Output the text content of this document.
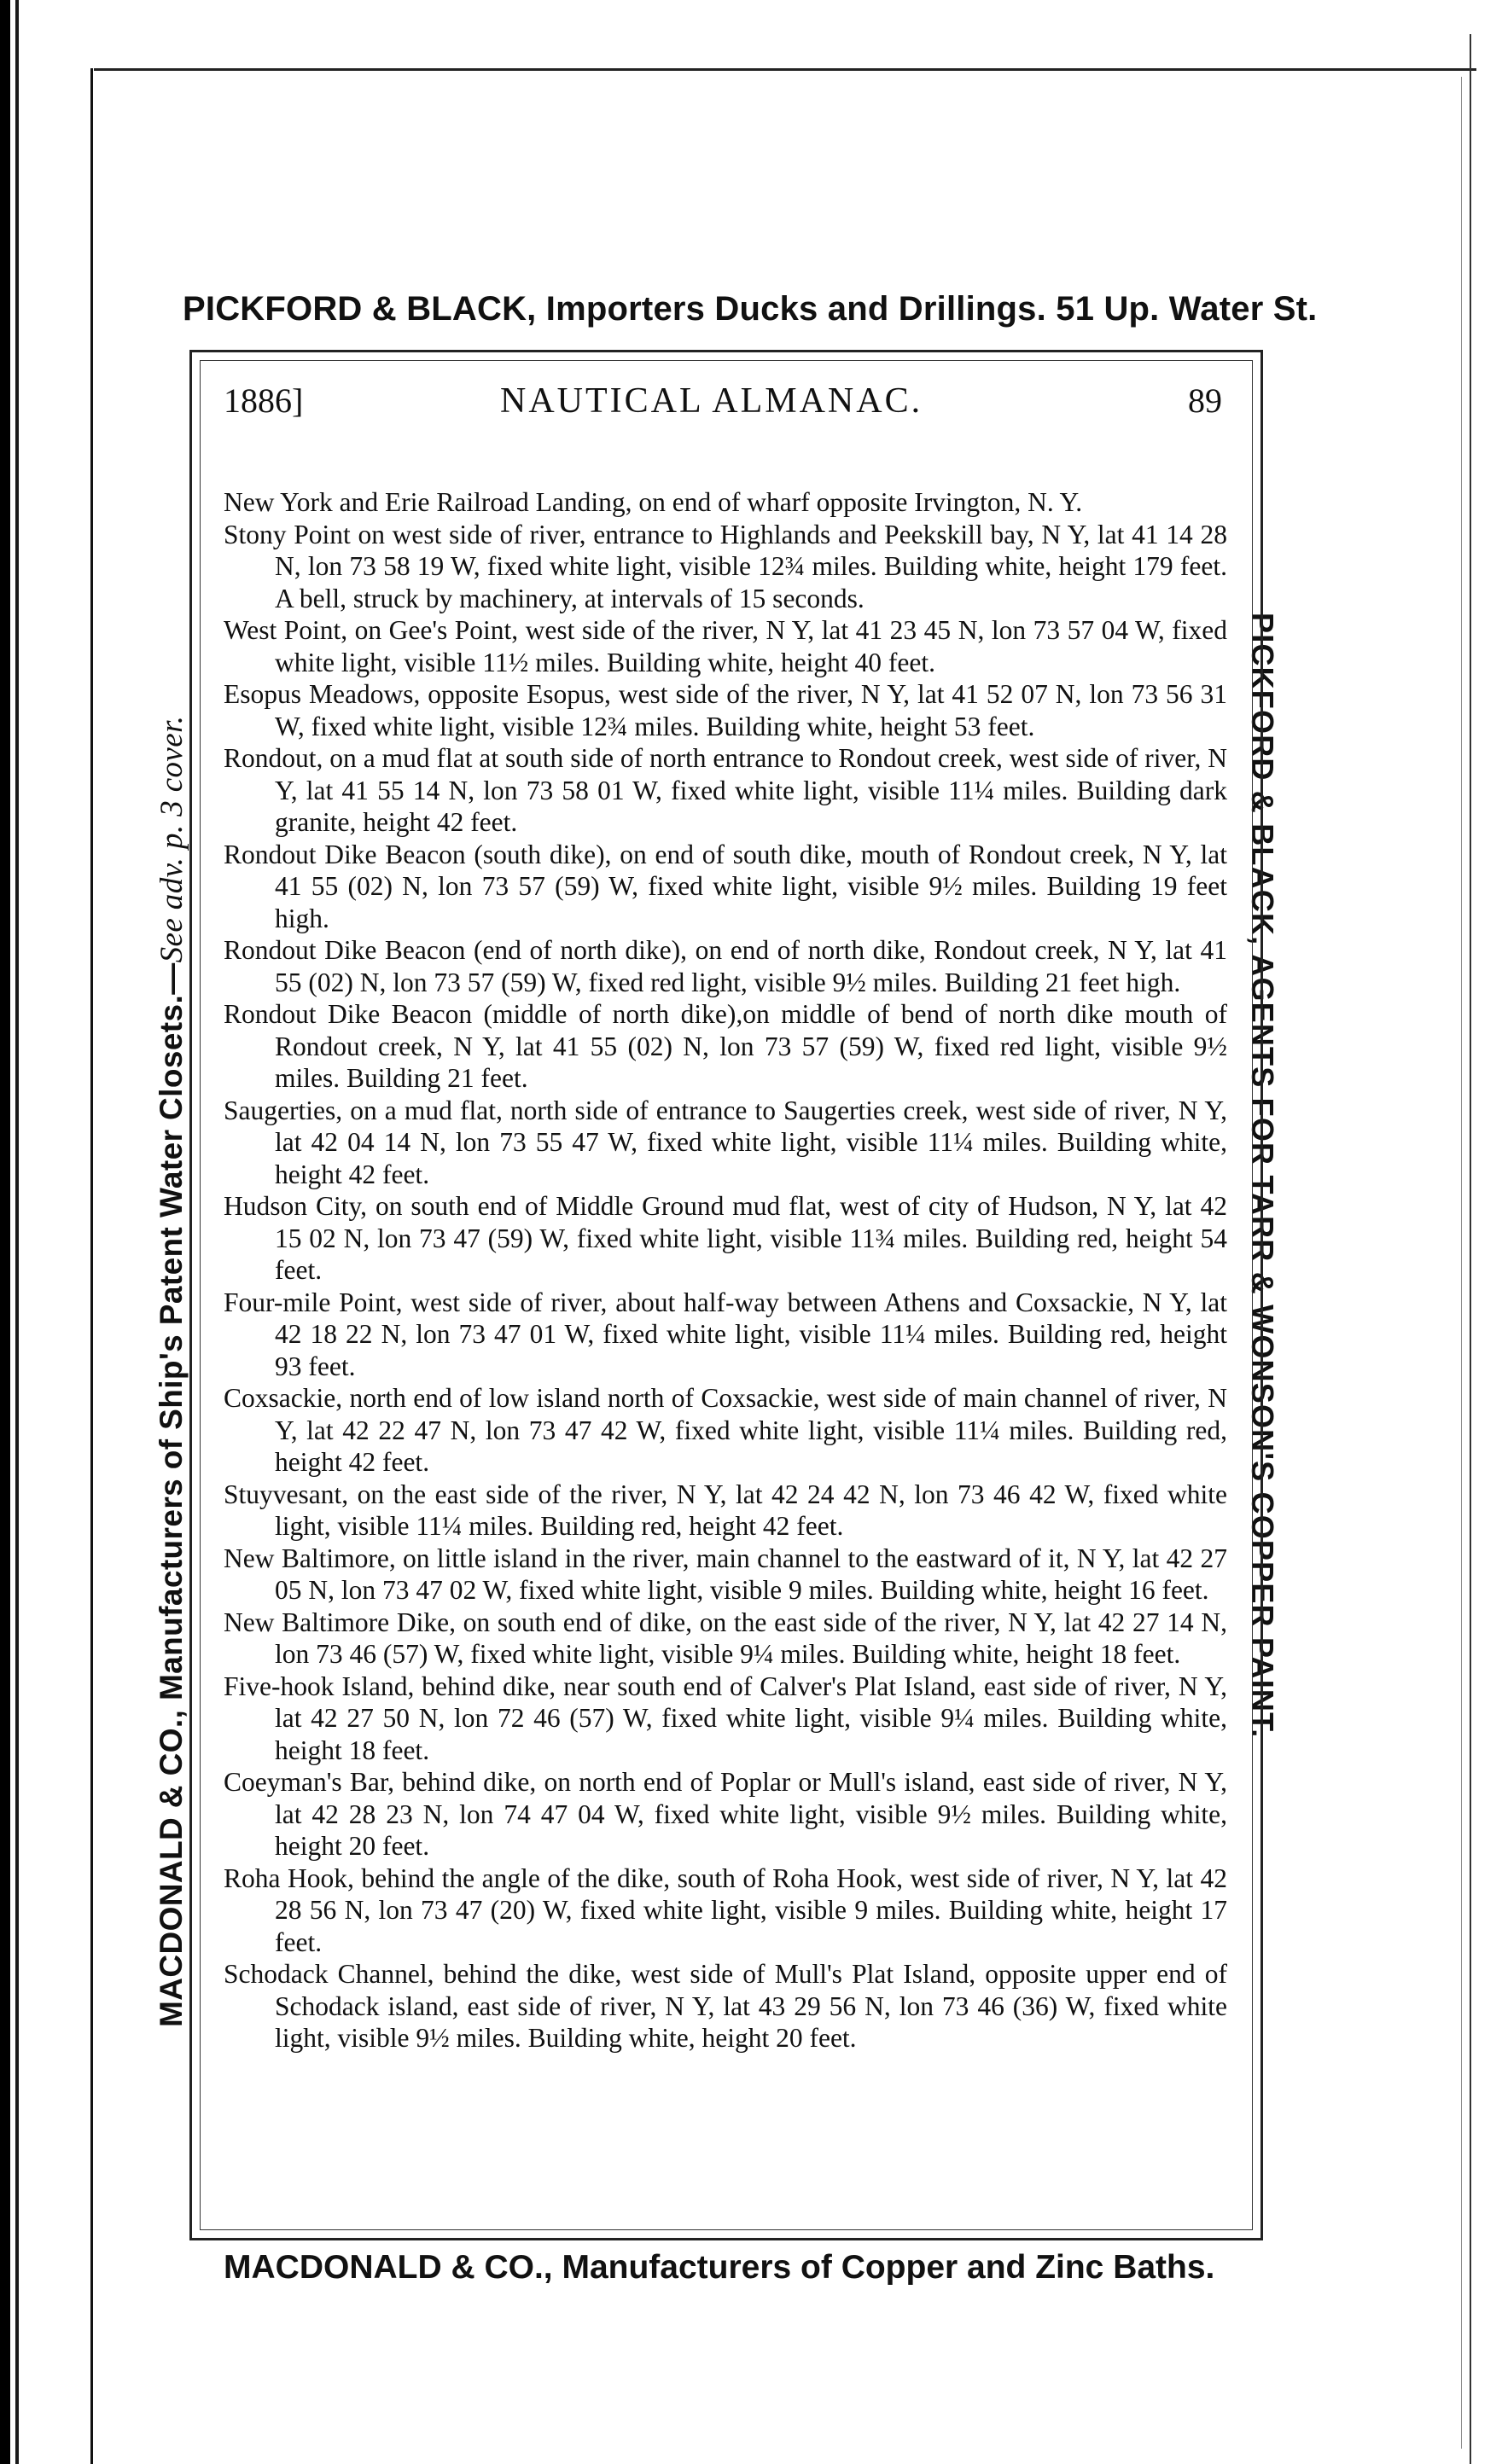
PICKFORD & BLACK, Importers Ducks and Drillings. 51 Up. Water St.
MACDONALD & CO., Manufacturers of Ship's Patent Water Closets.—See adv. p. 3 cover.	PICKFORD & BLACK, AGENTS FOR TARR & WONSON'S COPPER PAINT.
1886]	NAUTICAL ALMANAC.	89
New York and Erie Railroad Landing, on end of wharf opposite Irvington, N. Y.
Stony Point on west side of river, entrance to Highlands and Peekskill bay, N Y, lat 41 14 28 N, lon 73 58 19 W, fixed white light, visible 12¾ miles. Building white, height 179 feet. A bell, struck by machinery, at intervals of 15 seconds.
West Point, on Gee's Point, west side of the river, N Y, lat 41 23 45 N, lon 73 57 04 W, fixed white light, visible 11½ miles. Building white, height 40 feet.
Esopus Meadows, opposite Esopus, west side of the river, N Y, lat 41 52 07 N, lon 73 56 31 W, fixed white light, visible 12¾ miles. Building white, height 53 feet.
Rondout, on a mud flat at south side of north entrance to Rondout creek, west side of river, N Y, lat 41 55 14 N, lon 73 58 01 W, fixed white light, visible 11¼ miles. Building dark granite, height 42 feet.
Rondout Dike Beacon (south dike), on end of south dike, mouth of Rondout creek, N Y, lat 41 55 (02) N, lon 73 57 (59) W, fixed white light, visible 9½ miles. Building 19 feet high.
Rondout Dike Beacon (end of north dike), on end of north dike, Rondout creek, N Y, lat 41 55 (02) N, lon 73 57 (59) W, fixed red light, visible 9½ miles. Building 21 feet high.
Rondout Dike Beacon (middle of north dike),on middle of bend of north dike mouth of Rondout creek, N Y, lat 41 55 (02) N, lon 73 57 (59) W, fixed red light, visible 9½ miles. Building 21 feet.
Saugerties, on a mud flat, north side of entrance to Saugerties creek, west side of river, N Y, lat 42 04 14 N, lon 73 55 47 W, fixed white light, visible 11¼ miles. Building white, height 42 feet.
Hudson City, on south end of Middle Ground mud flat, west of city of Hudson, N Y, lat 42 15 02 N, lon 73 47 (59) W, fixed white light, visible 11¾ miles. Building red, height 54 feet.
Four-mile Point, west side of river, about half-way between Athens and Coxsackie, N Y, lat 42 18 22 N, lon 73 47 01 W, fixed white light, visible 11¼ miles. Building red, height 93 feet.
Coxsackie, north end of low island north of Coxsackie, west side of main channel of river, N Y, lat 42 22 47 N, lon 73 47 42 W, fixed white light, visible 11¼ miles. Building red, height 42 feet.
Stuyvesant, on the east side of the river, N Y, lat 42 24 42 N, lon 73 46 42 W, fixed white light, visible 11¼ miles. Building red, height 42 feet.
New Baltimore, on little island in the river, main channel to the eastward of it, N Y, lat 42 27 05 N, lon 73 47 02 W, fixed white light, visible 9 miles. Building white, height 16 feet.
New Baltimore Dike, on south end of dike, on the east side of the river, N Y, lat 42 27 14 N, lon 73 46 (57) W, fixed white light, visible 9¼ miles. Building white, height 18 feet.
Five-hook Island, behind dike, near south end of Calver's Plat Island, east side of river, N Y, lat 42 27 50 N, lon 72 46 (57) W, fixed white light, visible 9¼ miles. Building white, height 18 feet.
Coeyman's Bar, behind dike, on north end of Poplar or Mull's island, east side of river, N Y, lat 42 28 23 N, lon 74 47 04 W, fixed white light, visible 9½ miles. Building white, height 20 feet.
Roha Hook, behind the angle of the dike, south of Roha Hook, west side of river, N Y, lat 42 28 56 N, lon 73 47 (20) W, fixed white light, visible 9 miles. Building white, height 17 feet.
Schodack Channel, behind the dike, west side of Mull's Plat Island, opposite upper end of Schodack island, east side of river, N Y, lat 43 29 56 N, lon 73 46 (36) W, fixed white light, visible 9½ miles. Building white, height 20 feet.
MACDONALD & CO., Manufacturers of Copper and Zinc Baths.
